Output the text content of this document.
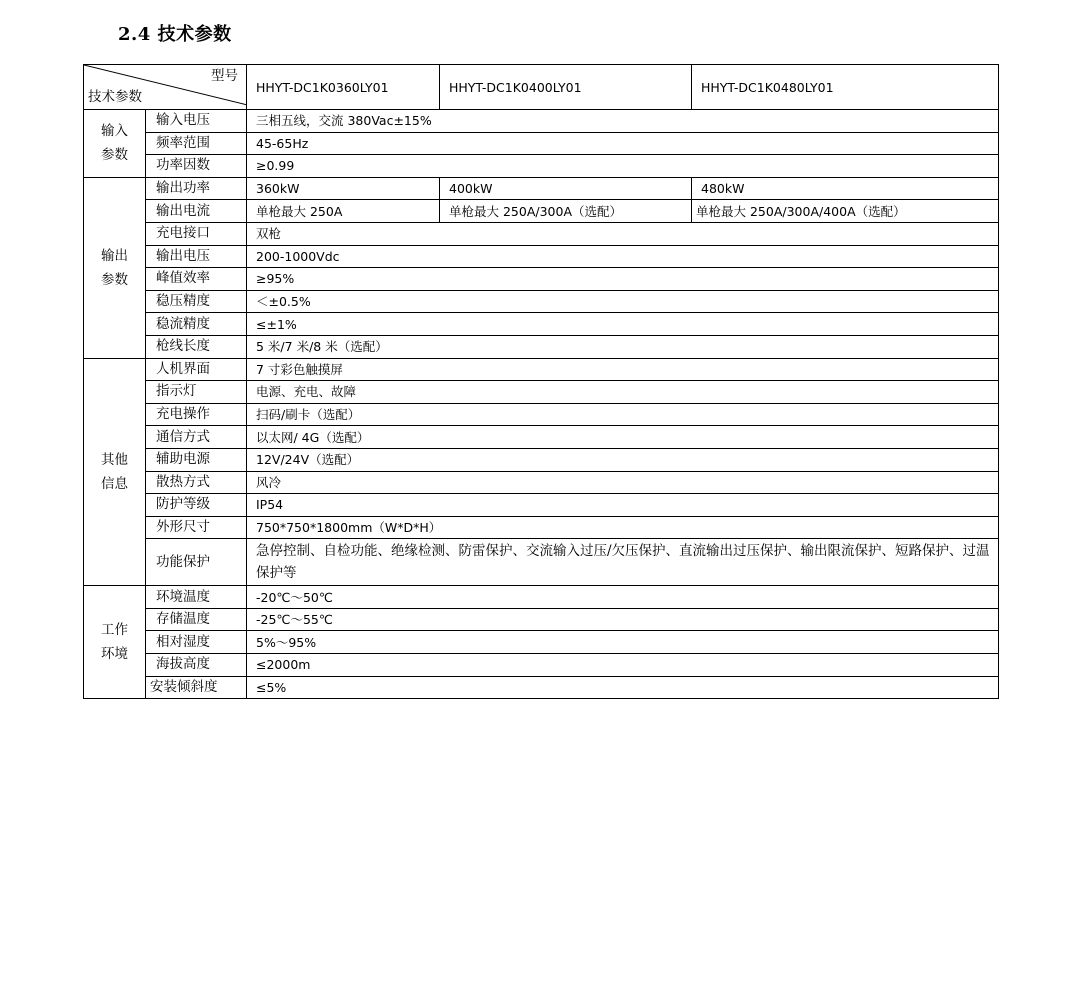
2.4 技术参数
型号
技术参数		HHYT-DC1K0360LY01	HHYT-DC1K0400LY01	HHYT-DC1K0480LY01
输入
参数	输入电压	三相五线，交流 380Vac±15%		
	频率范围	45-65Hz		
	功率因数	≥0.99		
输出
参数	输出功率	360kW	400kW	480kW
	输出电流	单枪最大 250A	单枪最大 250A/300A（选配）	单枪最大 250A/300A/400A（选配）
	充电接口	双枪		
	输出电压	200-1000Vdc		
	峰值效率	≥95%		
	稳压精度	＜±0.5%		
	稳流精度	≤±1%		
	枪线长度	5 米/7 米/8 米（选配）		
其他
信息	人机界面	7 寸彩色触摸屏		
	指示灯	电源、充电、故障		
	充电操作	扫码/刷卡（选配）		
	通信方式	以太网/ 4G（选配）		
	辅助电源	12V/24V（选配）		
	散热方式	风冷		
	防护等级	IP54		
	外形尺寸	750*750*1800mm（W*D*H）		
	功能保护	急停控制、自检功能、绝缘检测、防雷保护、交流输入过压/欠压保护、直流输出过压保护、输出限流保护、短路保护、过温保护等		
工作
环境	环境温度	-20℃～50℃		
	存储温度	-25℃～55℃		
	相对湿度	5%～95%		
	海拔高度	≤2000m		
	安装倾斜度	≤5%		
